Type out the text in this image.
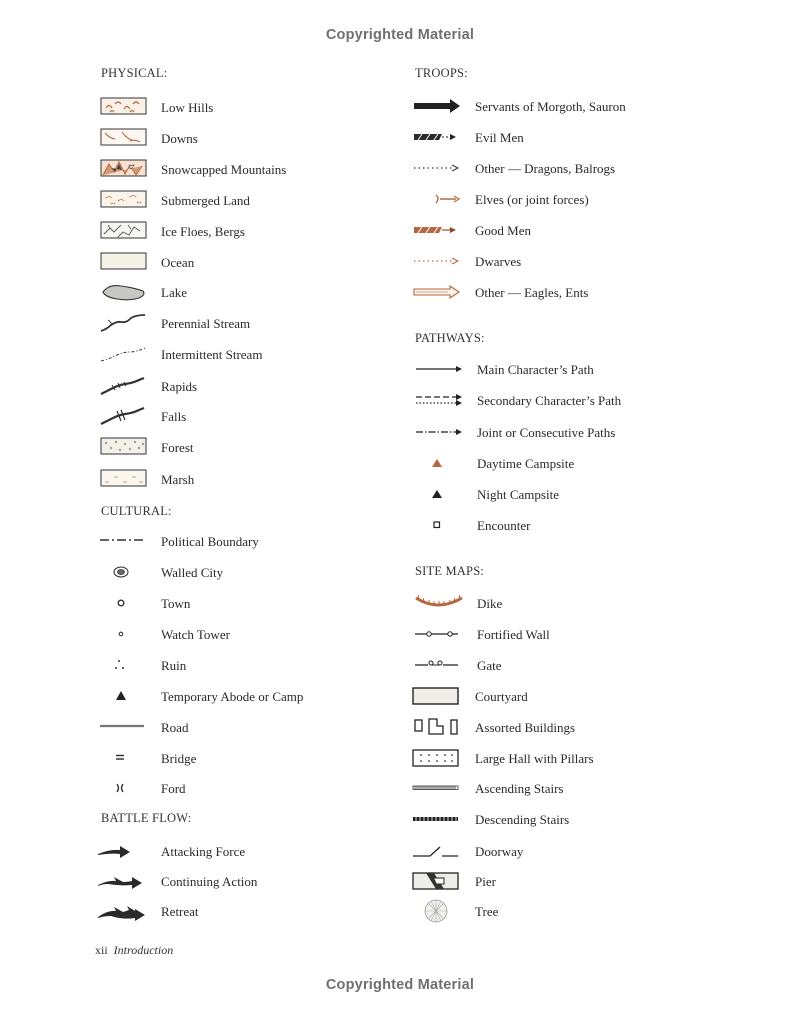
Copyrighted Material
PHYSICAL:
Low Hills
Downs
Snowcapped Mountains
Submerged Land
Ice Floes, Bergs
Ocean
Lake
Perennial Stream
Intermittent Stream
Rapids
Falls
Forest
Marsh
CULTURAL:
Political Boundary
Walled City
Town
Watch Tower
Ruin
Temporary Abode or Camp
Road
Bridge
Ford
BATTLE FLOW:
Attacking Force
Continuing Action
Retreat
TROOPS:
Servants of Morgoth, Sauron
Evil Men
Other — Dragons, Balrogs
Elves (or joint forces)
Good Men
Dwarves
Other — Eagles, Ents
PATHWAYS:
Main Character’s Path
Secondary Character’s Path
Joint or Consecutive Paths
Daytime Campsite
Night Campsite
Encounter
SITE MAPS:
Dike
Fortified Wall
Gate
Courtyard
Assorted Buildings
Large Hall with Pillars
Ascending Stairs
Descending Stairs
Doorway
Pier
Tree
xii Introduction
Copyrighted Material
